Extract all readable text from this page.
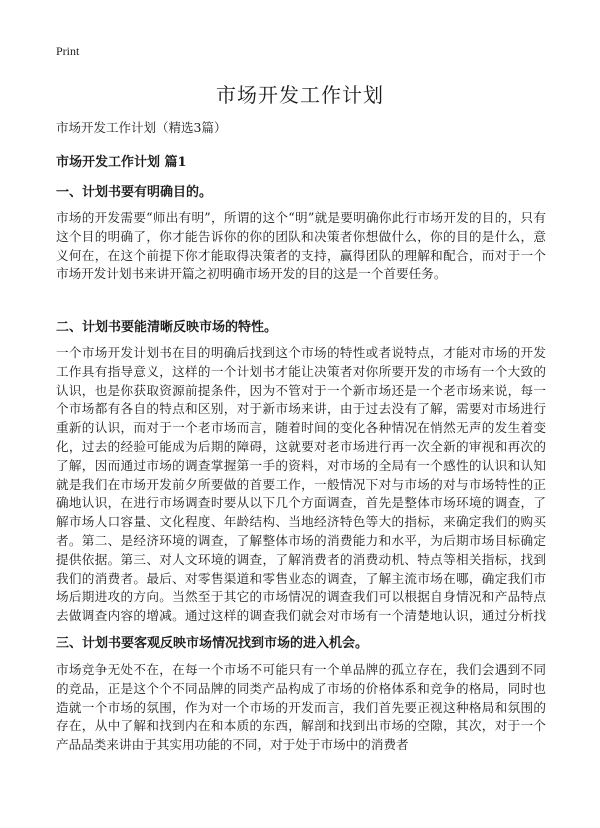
Print
市场开发工作计划
市场开发工作计划（精选3篇）
市场开发工作计划 篇1
一、计划书要有明确目的。

市场的开发需要“师出有明”，所谓的这个“明”就是要明确你此行市场开发的目的，只有这个目的明确了，你才能告诉你的你的团队和决策者你想做什么，你的目的是什么，意义何在，在这个前提下你才能取得决策者的支持，赢得团队的理解和配合，而对于一个市场开发计划书来讲开篇之初明确市场开发的目的这是一个首要任务。

二、计划书要能清晰反映市场的特性。

一个市场开发计划书在目的明确后找到这个市场的特性或者说特点，才能对市场的开发工作具有指导意义，这样的一个计划书才能让决策者对你所要开发的市场有一个大致的认识，也是你获取资源前提条件，因为不管对于一个新市场还是一个老市场来说，每一个市场都有各自的特点和区别，对于新市场来讲，由于过去没有了解，需要对市场进行重新的认识，而对于一个老市场而言，随着时间的变化各种情况在悄然无声的发生着变化，过去的经验可能成为后期的障碍，这就要对老市场进行再一次全新的审视和再次的了解，因而通过市场的调查掌握第一手的资料，对市场的全局有一个感性的认识和认知就是我们在市场开发前夕所要做的首要工作，一般情况下对与市场的对与市场特性的正确地认识，在进行市场调查时要从以下几个方面调查，首先是整体市场环境的调查，了解市场人口容量、文化程度、年龄结构、当地经济特色等大的指标，来确定我们的购买者。第二、是经济环境的调查，了解整体市场的消费能力和水平，为后期市场目标确定提供依据。第三、对人文环境的调查，了解消费者的消费动机、特点等相关指标，找到我们的消费者。最后、对零售渠道和零售业态的调查，了解主流市场在哪，确定我们市场后期进攻的方向。当然至于其它的市场情况的调查我们可以根据自身情况和产品特点去做调查内容的增减。通过这样的调查我们就会对市场有一个清楚地认识，通过分析找

三、计划书要客观反映市场情况找到市场的进入机会。

市场竞争无处不在，在每一个市场不可能只有一个单品牌的孤立存在，我们会遇到不同的竞品，正是这个个不同品牌的同类产品构成了市场的价格体系和竞争的格局，同时也造就一个市场的氛围，作为对一个市场的开发而言，我们首先要正视这种格局和氛围的存在，从中了解和找到内在和本质的东西，解剖和找到出市场的空隙，其次，对于一个产品品类来讲由于其实用功能的不同，对于处于市场中的消费者
